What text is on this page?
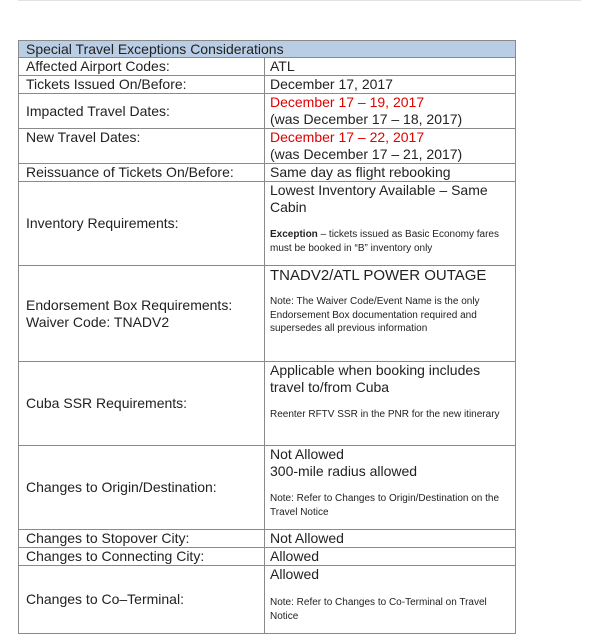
Special Travel Exceptions Considerations	
Affected Airport Codes:	ATL
Tickets Issued On/Before:	December 17, 2017
Impacted Travel Dates:	December 17 – 19, 2017
(was December 17 – 18, 2017)

New Travel Dates:	December 17 – 22, 2017
(was December 17 – 21, 2017)

Reissuance of Tickets On/Before:	Same day as flight rebooking
Inventory Requirements:	Lowest Inventory Available – Same Cabin
Exception – tickets issued as Basic Economy fares must be booked in “B” inventory only

Endorsement Box Requirements:
Waiver Code: TNADV2	TNADV2/ATL POWER OUTAGE
Note: The Waiver Code/Event Name is the only Endorsement Box documentation required and supersedes all previous information

Cuba SSR Requirements:	Applicable when booking includes travel to/from Cuba
Reenter RFTV SSR in the PNR for the new itinerary

Changes to Origin/Destination:	Not Allowed
300-mile radius allowed
Note: Refer to Changes to Origin/Destination on the Travel Notice

Changes to Stopover City:	Not Allowed
Changes to Connecting City:	Allowed
Changes to Co–Terminal:	Allowed
Note: Refer to Changes to Co-Terminal on Travel Notice
